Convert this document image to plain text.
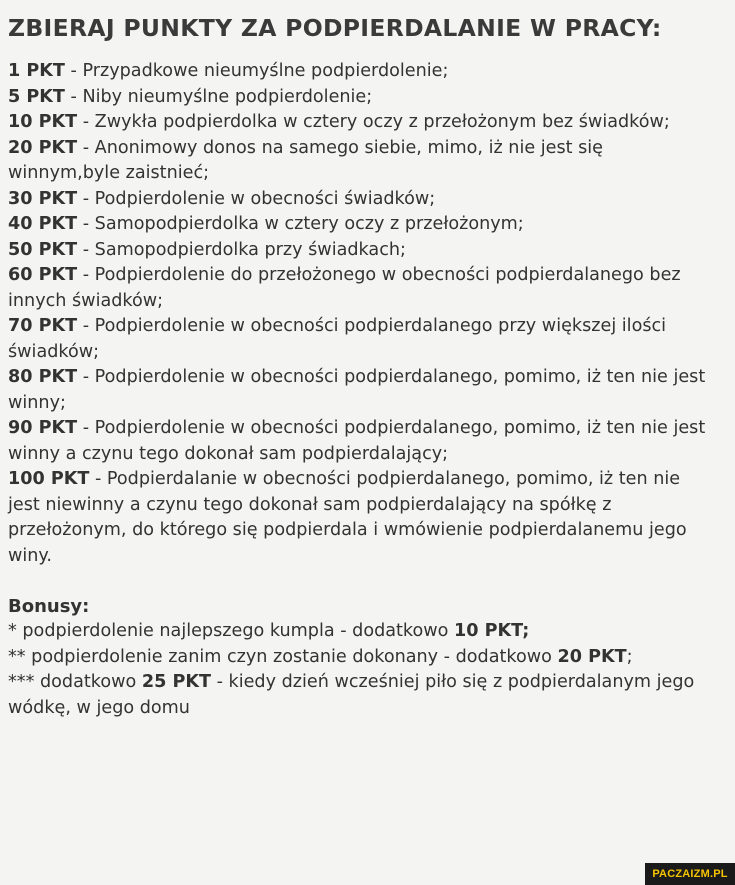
ZBIERAJ PUNKTY ZA PODPIERDALANIE W PRACY:
1 PKT - Przypadkowe nieumyślne podpierdolenie;
5 PKT - Niby nieumyślne podpierdolenie;
10 PKT - Zwykła podpierdolka w cztery oczy z przełożonym bez świadków;
20 PKT - Anonimowy donos na samego siebie, mimo, iż nie jest się winnym,byle zaistnieć;
30 PKT - Podpierdolenie w obecności świadków;
40 PKT - Samopodpierdolka w cztery oczy z przełożonym;
50 PKT - Samopodpierdolka przy świadkach;
60 PKT - Podpierdolenie do przełożonego w obecności podpierdalanego bez innych świadków;
70 PKT - Podpierdolenie w obecności podpierdalanego przy większej ilości świadków;
80 PKT - Podpierdolenie w obecności podpierdalanego, pomimo, iż ten nie jest winny;
90 PKT - Podpierdolenie w obecności podpierdalanego, pomimo, iż ten nie jest winny a czynu tego dokonał sam podpierdalający;
100 PKT - Podpierdalanie w obecności podpierdalanego, pomimo, iż ten nie jest niewinny a czynu tego dokonał sam podpierdalający na spółkę z przełożonym, do którego się podpierdala i wmówienie podpierdalanemu jego winy.
Bonusy:
* podpierdolenie najlepszego kumpla - dodatkowo 10 PKT;
** podpierdolenie zanim czyn zostanie dokonany - dodatkowo 20 PKT;
*** dodatkowo 25 PKT - kiedy dzień wcześniej piło się z podpierdalanym jego wódkę, w jego domu
PACZAIZM.PL
